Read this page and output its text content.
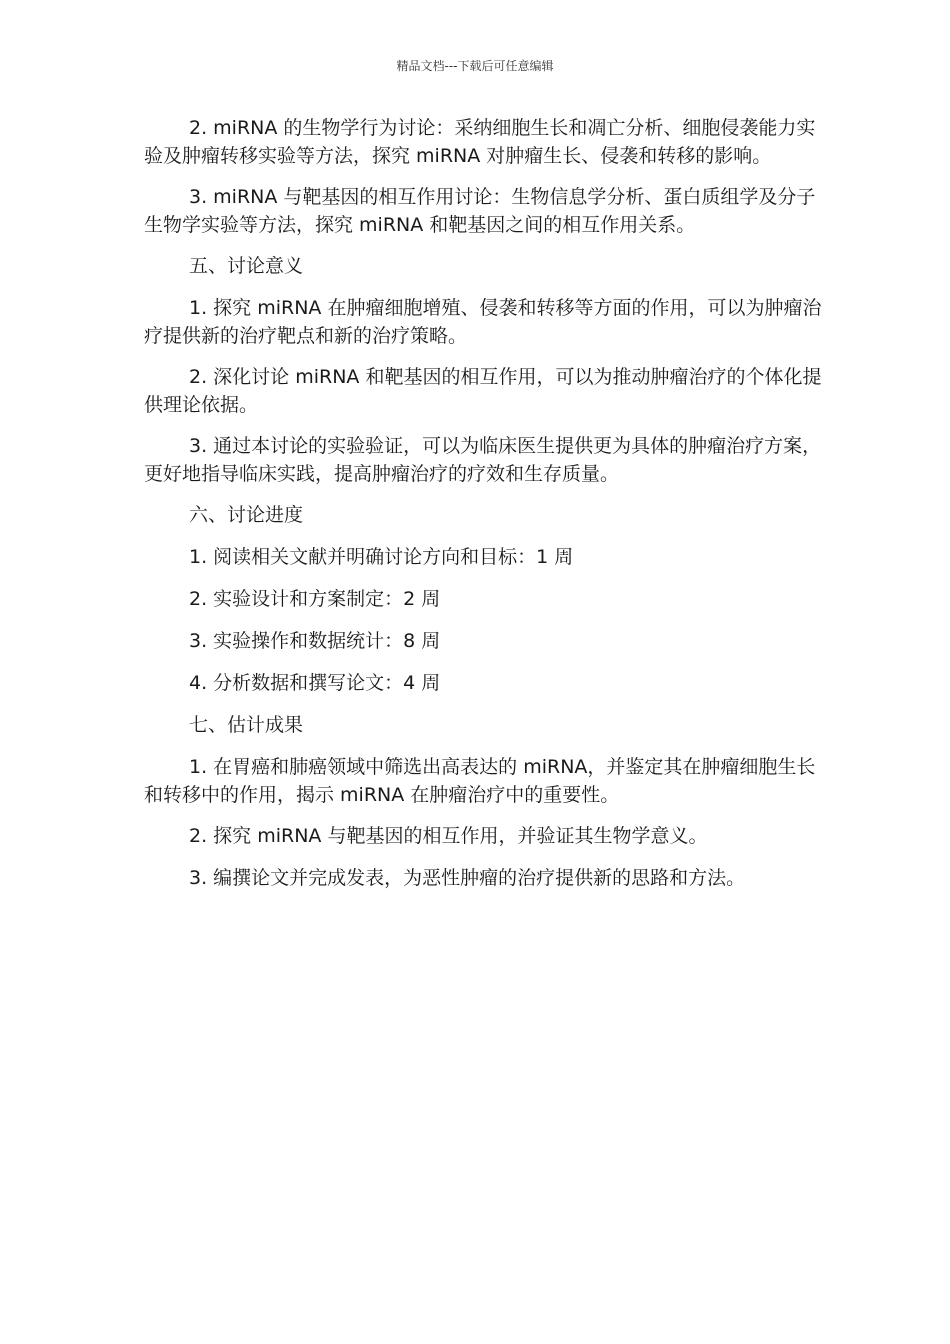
精品文档---下载后可任意编辑

2. miRNA 的生物学行为讨论：采纳细胞生长和凋亡分析、细胞侵袭能力实验及肿瘤转移实验等方法，探究 miRNA 对肿瘤生长、侵袭和转移的影响。

3. miRNA 与靶基因的相互作用讨论：生物信息学分析、蛋白质组学及分子生物学实验等方法，探究 miRNA 和靶基因之间的相互作用关系。

五、讨论意义

1. 探究 miRNA 在肿瘤细胞增殖、侵袭和转移等方面的作用，可以为肿瘤治疗提供新的治疗靶点和新的治疗策略。

2. 深化讨论 miRNA 和靶基因的相互作用，可以为推动肿瘤治疗的个体化提供理论依据。

3. 通过本讨论的实验验证，可以为临床医生提供更为具体的肿瘤治疗方案，更好地指导临床实践，提高肿瘤治疗的疗效和生存质量。

六、讨论进度

1. 阅读相关文献并明确讨论方向和目标：1 周

2. 实验设计和方案制定：2 周

3. 实验操作和数据统计：8 周

4. 分析数据和撰写论文：4 周

七、估计成果

1. 在胃癌和肺癌领域中筛选出高表达的 miRNA，并鉴定其在肿瘤细胞生长和转移中的作用，揭示 miRNA 在肿瘤治疗中的重要性。

2. 探究 miRNA 与靶基因的相互作用，并验证其生物学意义。

3. 编撰论文并完成发表，为恶性肿瘤的治疗提供新的思路和方法。
